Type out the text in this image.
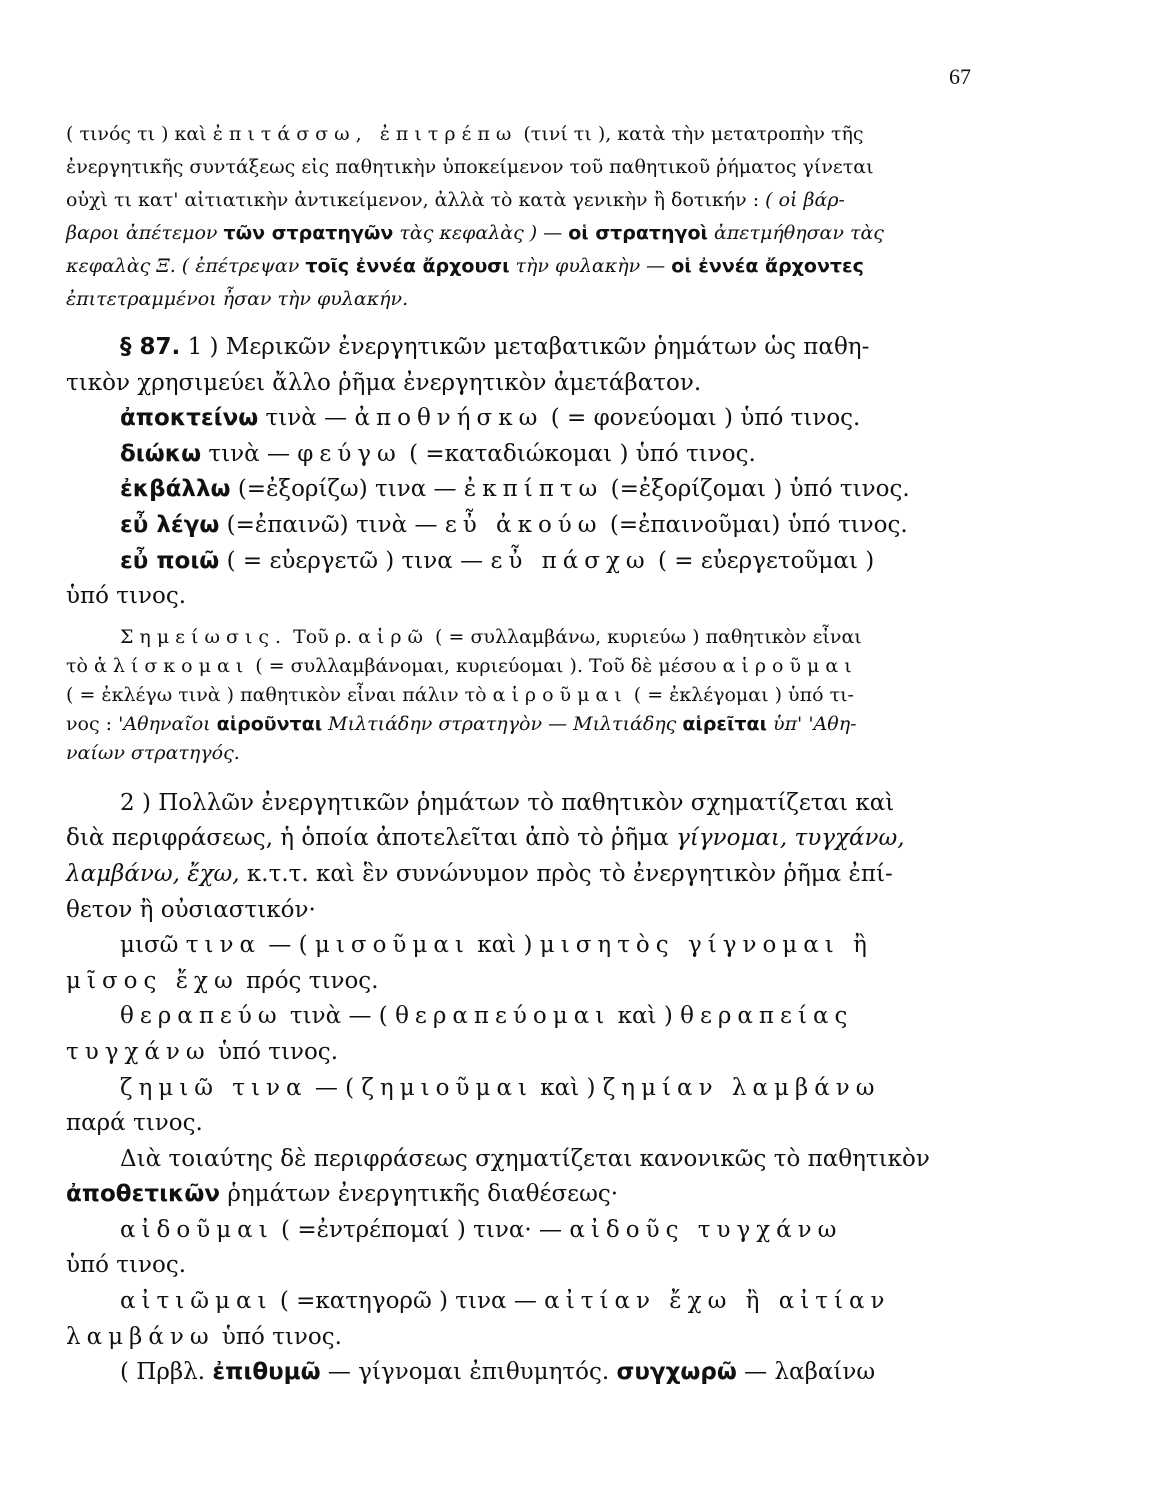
67

( τινός τι ) καὶ ἐπιτάσσω, ἐπιτρέπω (τινί τι ), κατὰ τὴν μετατροπὴν τῆς

ἐνεργητικῆς συντάξεως εἰς παθητικὴν ὑποκείμενον τοῦ παθητικοῦ ῥήματος γίνεται

οὐχὶ τι κατ' αἰτιατικὴν ἀντικείμενον, ἀλλὰ τὸ κατὰ γενικὴν ἢ δοτικήν : ( οἱ βάρ-

βαροι ἀπέτεμον τῶν στρατηγῶν τὰς κεφαλὰς ) — οἱ στρατηγοὶ ἀπετμήθησαν τὰς

κεφαλὰς Ξ. ( ἐπέτρεψαν τοῖς ἐννέα ἄρχουσι τὴν φυλακὴν — οἱ ἐννέα ἄρχοντες

ἐπιτετραμμένοι ἦσαν τὴν φυλακήν.

§ 87. 1 ) Μερικῶν ἐνεργητικῶν μεταβατικῶν ῥημάτων ὡς παθη-

τικὸν χρησιμεύει ἄλλο ῥῆμα ἐνεργητικὸν ἀμετάβατον.

ἀποκτείνω τινὰ — ἀποθνήσκω ( = φονεύομαι ) ὑπό τινος.

διώκω τινὰ — φεύγω ( =καταδιώκομαι ) ὑπό τινος.

ἐκβάλλω (=ἐξορίζω) τινα — ἐκπίπτω (=ἐξορίζομαι ) ὑπό τινος.

εὖ λέγω (=ἐπαινῶ) τινὰ — εὖ ἀκούω (=ἐπαινοῦμαι) ὑπό τινος.

εὖ ποιῶ ( = εὐεργετῶ ) τινα — εὖ πάσχω ( = εὐεργετοῦμαι )

ὑπό τινος.

Σημείωσις. Τοῦ ρ. αἱρῶ ( = συλλαμβάνω, κυριεύω ) παθητικὸν εἶναι

τὸ ἁλίσκομαι ( = συλλαμβάνομαι, κυριεύομαι ). Τοῦ δὲ μέσου αἱροῦμαι

( = ἐκλέγω τινὰ ) παθητικὸν εἶναι πάλιν τὸ αἱροῦμαι ( = ἐκλέγομαι ) ὑπό τι-

νος : 'Αθηναῖοι αἱροῦνται Μιλτιάδην στρατηγὸν — Μιλτιάδης αἱρεῖται ὑπ' 'Αθη-

ναίων στρατηγός.

2 ) Πολλῶν ἐνεργητικῶν ῥημάτων τὸ παθητικὸν σχηματίζεται καὶ

διὰ περιφράσεως, ἡ ὁποία ἀποτελεῖται ἀπὸ τὸ ῥῆμα γίγνομαι, τυγχάνω,

λαμβάνω, ἔχω, κ.τ.τ. καὶ ἓν συνώνυμον πρὸς τὸ ἐνεργητικὸν ῥῆμα ἐπί-

θετον ἢ οὐσιαστικόν·

μισῶ τινα — ( μισοῦμαι καὶ ) μισητὸς γίγνομαι ἢ

μῖσος ἔχω πρός τινος.

θεραπεύω τινὰ — ( θεραπεύομαι καὶ ) θεραπείας

τυγχάνω ὑπό τινος.

ζημιῶ τινα — ( ζημιοῦμαι καὶ ) ζημίαν λαμβάνω

παρά τινος.

Διὰ τοιαύτης δὲ περιφράσεως σχηματίζεται κανονικῶς τὸ παθητικὸν

ἀποθετικῶν ῥημάτων ἐνεργητικῆς διαθέσεως·

αἰδοῦμαι ( =ἐντρέπομαί ) τινα· — αἰδοῦς τυγχάνω

ὑπό τινος.

αἰτιῶμαι ( =κατηγορῶ ) τινα — αἰτίαν ἔχω ἢ αἰτίαν

λαμβάνω ὑπό τινος.

( Πρβλ. ἐπιθυμῶ — γίγνομαι ἐπιθυμητός. συγχωρῶ — λαβαίνω
